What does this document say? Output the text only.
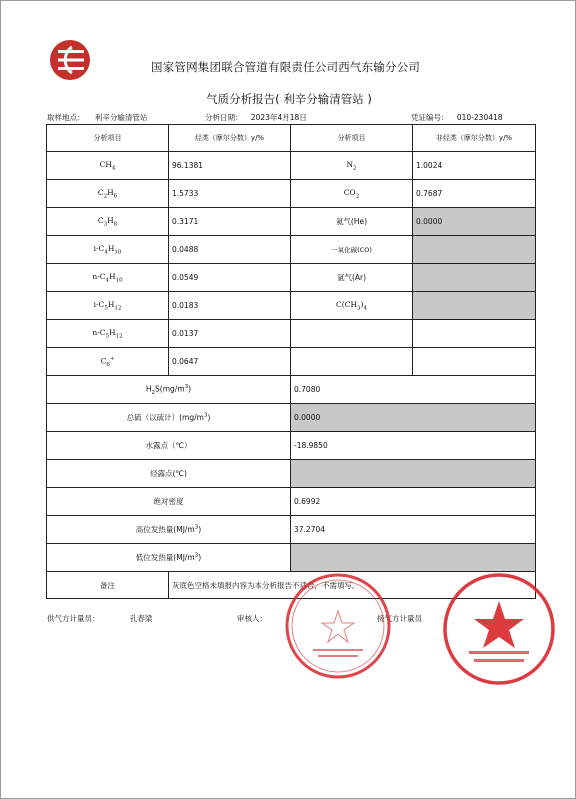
国家管网集团联合管道有限责任公司西气东输分公司
气质分析报告( 利辛分输清管站 )
取样地点： 利辛分输清管站	分析日期： 2023年4月18日	凭证编号： 010-230418
分析项目	烃类（摩尔分数）y/%	分析项目	非烃类（摩尔分数）y/%
$CH_4$	96.1381	$N_2$	1.0024
$C_2H_6$	1.5733	$CO_2$	0.7687
$C_3H_8$	0.3171	氦气(He)	0.0000
$i-C_4H_{10}$	0.0488	一氧化碳(CO)	
$n-C_4H_{10}$	0.0549	氩气(Ar)	
$i-C_5H_{12}$	0.0183	$C(CH_3)_4$	
$n-C_5H_{12}$	0.0137		
$C_6^+$	0.0647		
$H_2S(mg/m^3)$		0.7080	
总硫（以硫计）$(mg/m^3)$		0.0000	
水露点（℃）		-18.9850	
烃露点(℃)			
绝对密度		0.6992	
高位发热量$(MJ/m^3)$		37.2704	
低位发热量$(MJ/m^3)$			
备注	灰底色空格未填报内容为本分析报告不适合，不需填写。		
供气方计量员：	孔春梁	审核人：	接气方计量员
